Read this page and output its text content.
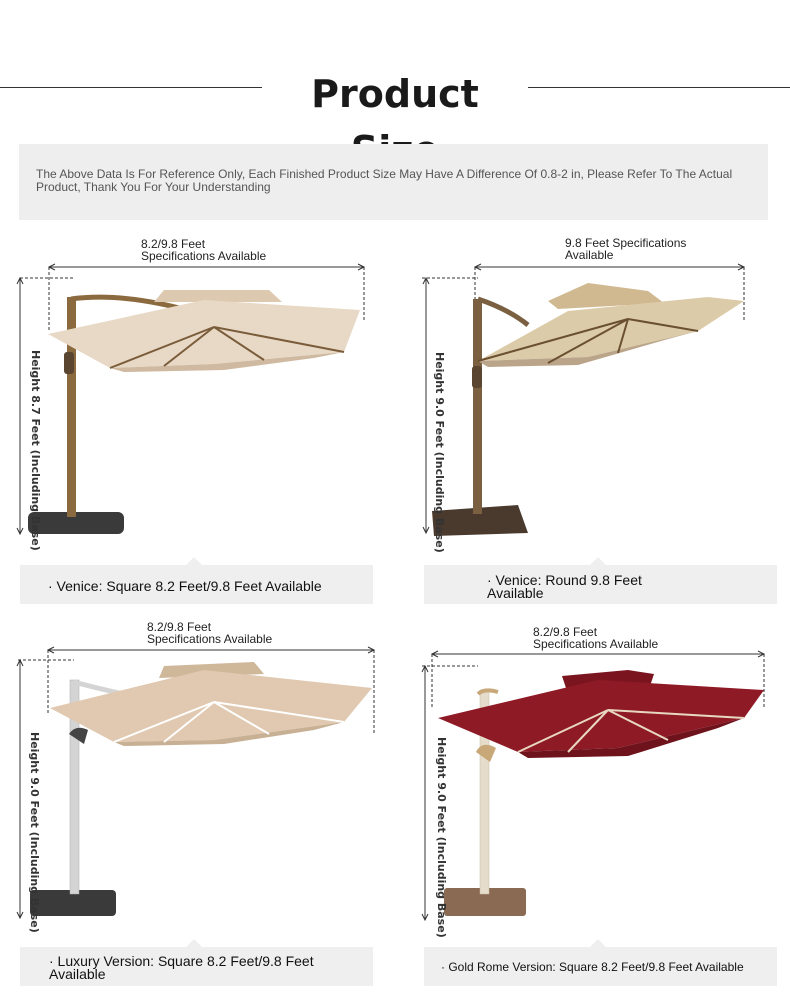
Product
The Above Data Is For Reference Only, Each Finished Product Size May Have A Difference Of 0.8-2 in, Please Refer To The Actual Product, Thank You For Your Understanding
8.2/9.8 Feet
Specifications Available
Height 8.7 Feet (Including Base)
· Venice: Square 8.2 Feet/9.8 Feet Available
9.8 Feet Specifications
Available
Height 9.0 Feet (Including Base)
· Venice: Round 9.8 Feet
Available
8.2/9.8 Feet
Specifications Available
Height 9.0 Feet (Including Base)
· Luxury Version: Square 8.2 Feet/9.8 Feet
Available
8.2/9.8 Feet
Specifications Available
Height 9.0 Feet (Including Base)
· Gold Rome Version: Square 8.2 Feet/9.8 Feet Available
